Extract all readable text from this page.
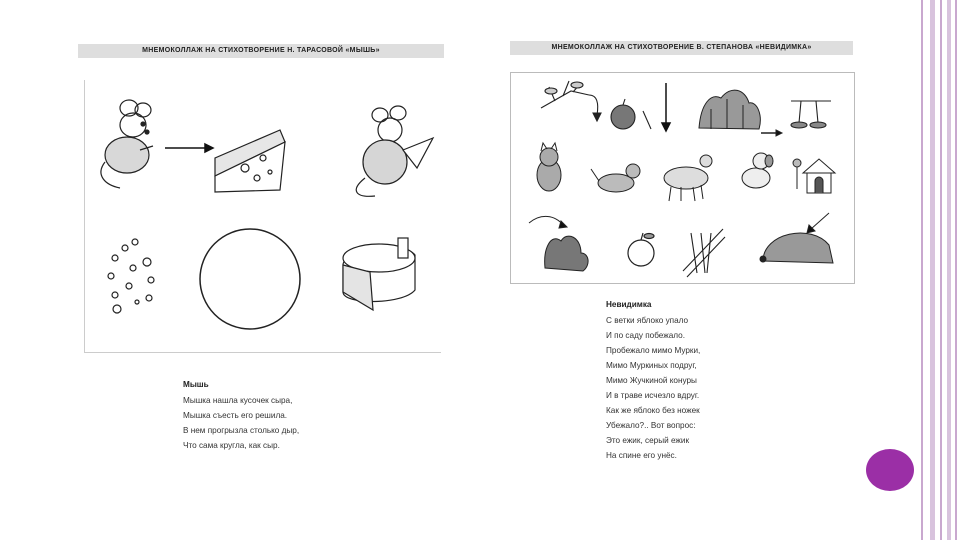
МНЕМОКОЛЛАЖ НА СТИХОТВОРЕНИЕ Н. ТАРАСОВОЙ «МЫШЬ»
Мышь
Мышка нашла кусочек сыра,
Мышка съесть его решила.
В нем прогрызла столько дыр,
Что сама кругла, как сыр.
МНЕМОКОЛЛАЖ НА СТИХОТВОРЕНИЕ В. СТЕПАНОВА «НЕВИДИМКА»
Невидимка
С ветки яблоко упало
И по саду побежало.
Пробежало мимо Мурки,
Мимо Муркиных подруг,
Мимо Жучкиной конуры
И в траве исчезло вдруг.
Как же яблоко без ножек
Убежало?.. Вот вопрос:
Это ежик, серый ежик
На спине его унёс.
